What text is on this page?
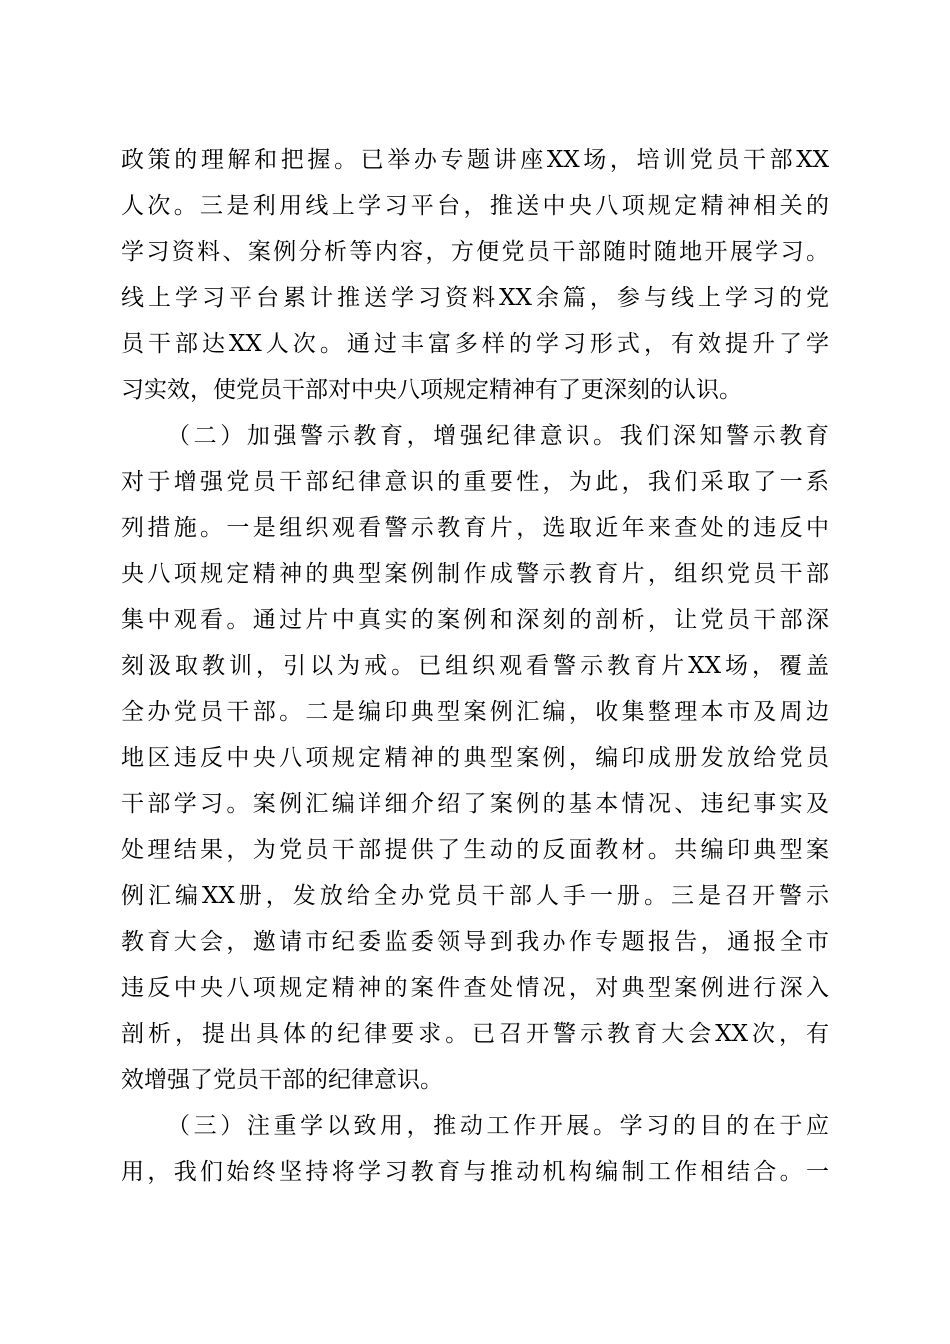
政策的理解和把握。已举办专题讲座XX场，培训党员干部XX

人次。三是利用线上学习平台，推送中央八项规定精神相关的

学习资料、案例分析等内容，方便党员干部随时随地开展学习。

线上学习平台累计推送学习资料XX余篇，参与线上学习的党

员干部达XX人次。通过丰富多样的学习形式，有效提升了学

习实效，使党员干部对中央八项规定精神有了更深刻的认识。

（二）加强警示教育，增强纪律意识。我们深知警示教育

对于增强党员干部纪律意识的重要性，为此，我们采取了一系

列措施。一是组织观看警示教育片，选取近年来查处的违反中

央八项规定精神的典型案例制作成警示教育片，组织党员干部

集中观看。通过片中真实的案例和深刻的剖析，让党员干部深

刻汲取教训，引以为戒。已组织观看警示教育片XX场，覆盖

全办党员干部。二是编印典型案例汇编，收集整理本市及周边

地区违反中央八项规定精神的典型案例，编印成册发放给党员

干部学习。案例汇编详细介绍了案例的基本情况、违纪事实及

处理结果，为党员干部提供了生动的反面教材。共编印典型案

例汇编XX册，发放给全办党员干部人手一册。三是召开警示

教育大会，邀请市纪委监委领导到我办作专题报告，通报全市

违反中央八项规定精神的案件查处情况，对典型案例进行深入

剖析，提出具体的纪律要求。已召开警示教育大会XX次，有

效增强了党员干部的纪律意识。

（三）注重学以致用，推动工作开展。学习的目的在于应

用，我们始终坚持将学习教育与推动机构编制工作相结合。一
